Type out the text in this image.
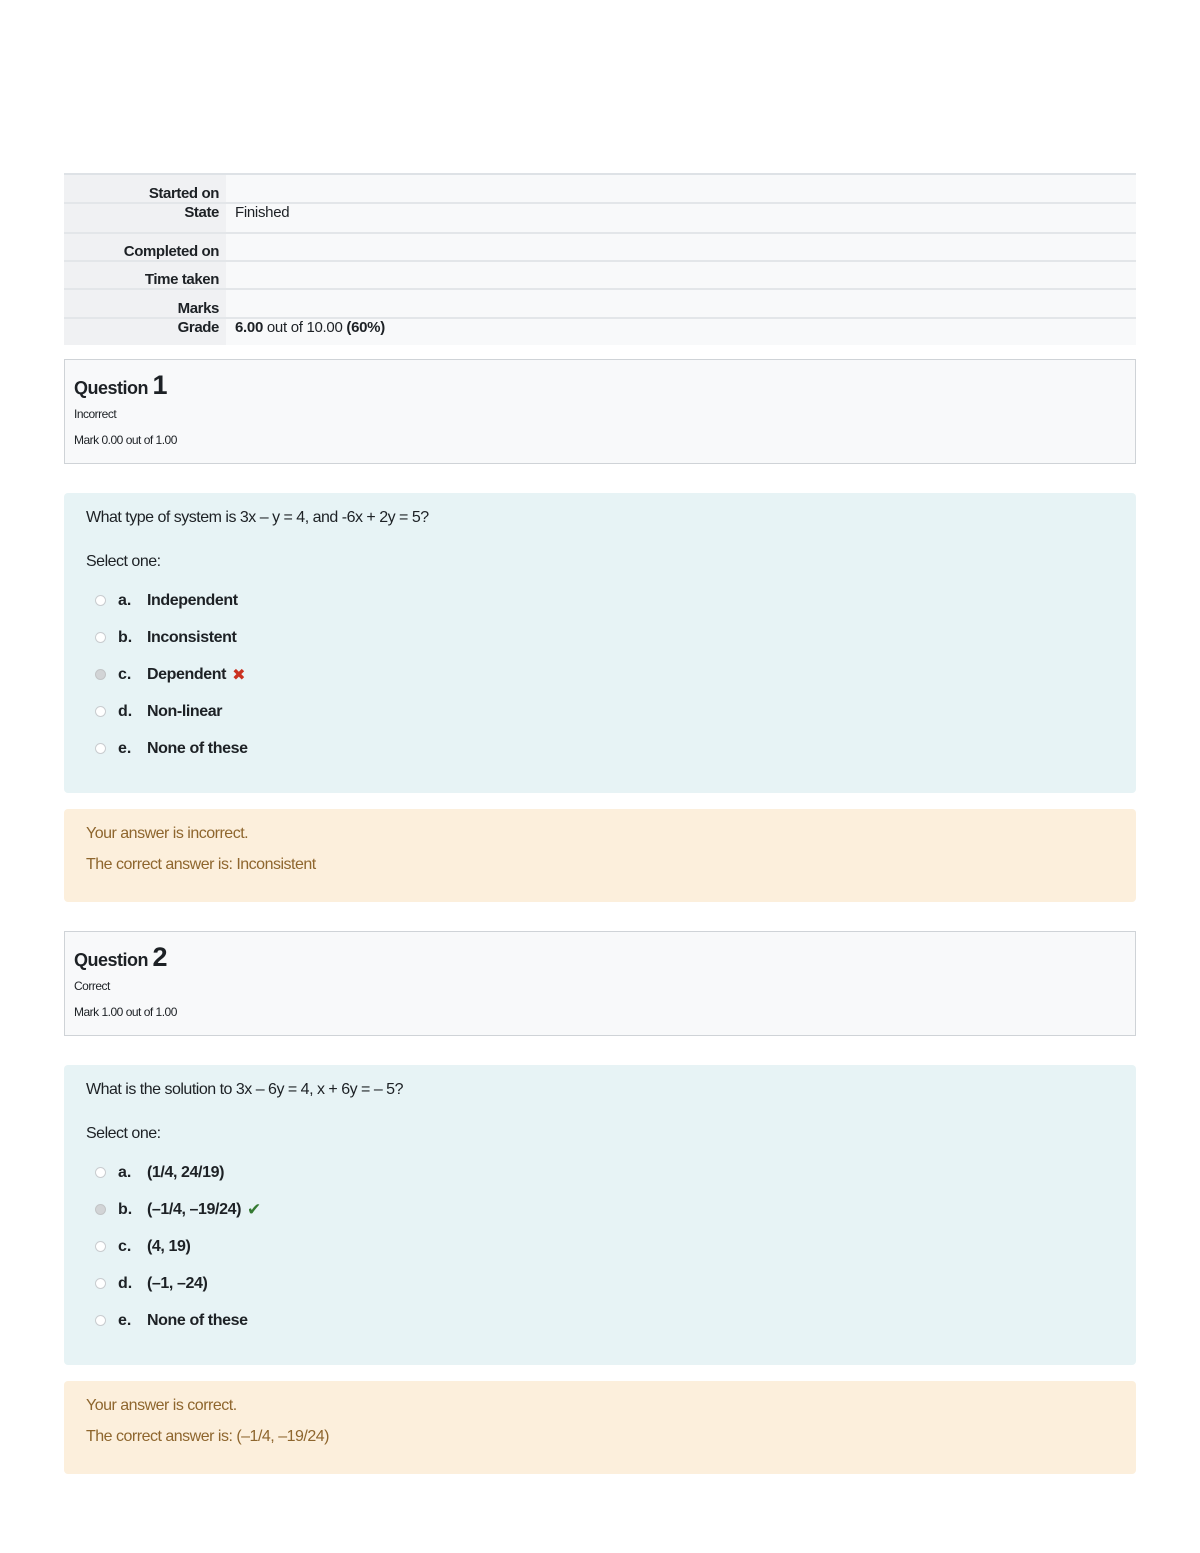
Started on
State Finished
Completed on
Time taken
Marks
Grade 6.00 out of 10.00 (60%)
Question 1
Incorrect
Mark 0.00 out of 1.00
What type of system is 3x – y = 4, and -6x + 2y = 5?
Select one:
a. Independent
b. Inconsistent
c. Dependent ✖
d. Non-linear
e. None of these
Your answer is incorrect.
The correct answer is: Inconsistent
Question 2
Correct
Mark 1.00 out of 1.00
What is the solution to 3x – 6y = 4, x + 6y = – 5?
Select one:
a. (1/4, 24/19)
b. (–1/4, –19/24) ✔
c. (4, 19)
d. (–1, –24)
e. None of these
Your answer is correct.
The correct answer is: (–1/4, –19/24)
